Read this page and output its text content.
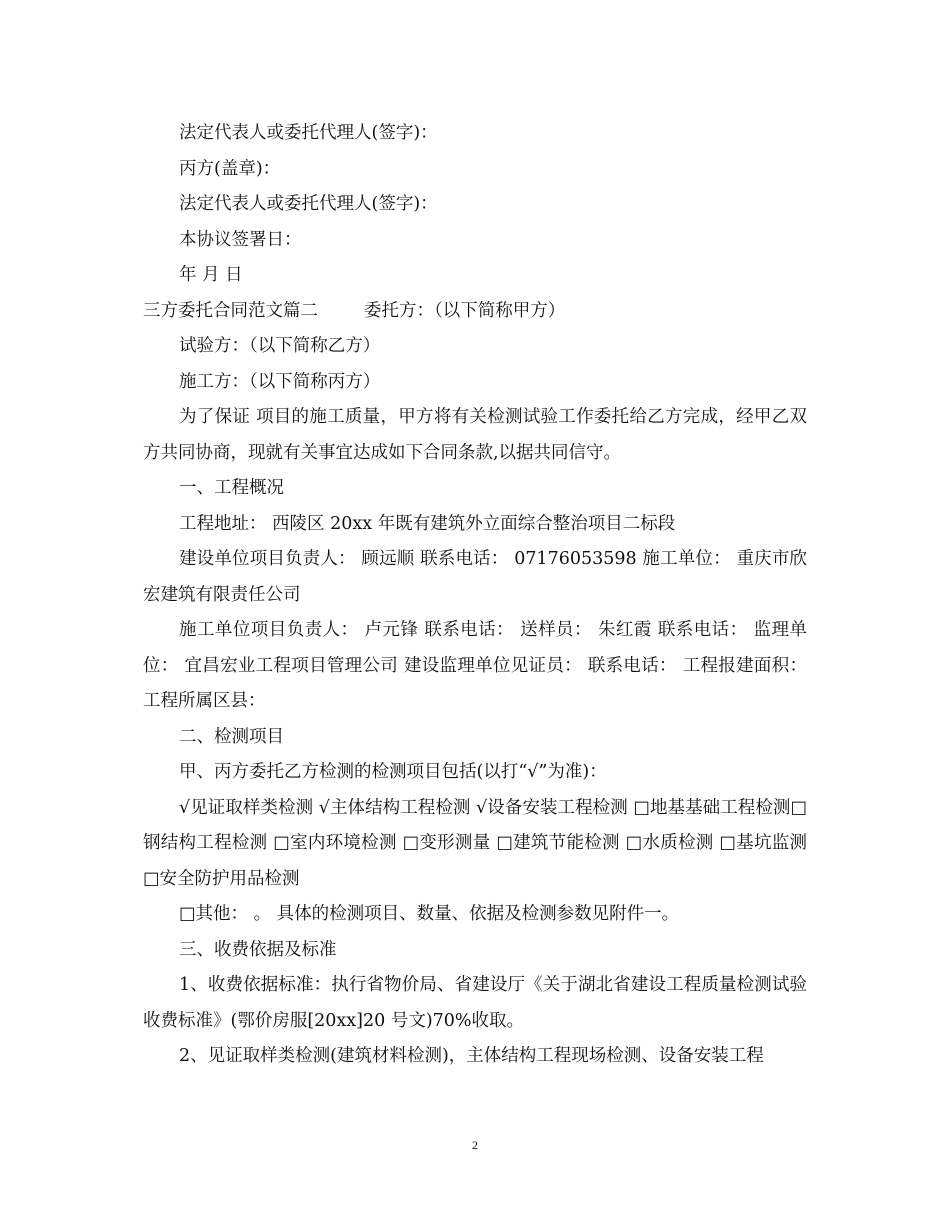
法定代表人或委托代理人(签字)：

丙方(盖章)：

法定代表人或委托代理人(签字)：

本协议签署日：

年 月 日

三方委托合同范文篇二	委托方：（以下简称甲方）

试验方：（以下简称乙方）

施工方：（以下简称丙方）

为了保证 项目的施工质量，甲方将有关检测试验工作委托给乙方完成，经甲乙双方共同协商，现就有关事宜达成如下合同条款,以据共同信守。

一、工程概况

工程地址： 西陵区 20xx 年既有建筑外立面综合整治项目二标段

建设单位项目负责人： 顾远顺 联系电话： 07176053598 施工单位： 重庆市欣宏建筑有限责任公司

施工单位项目负责人： 卢元锋 联系电话： 送样员： 朱红霞 联系电话： 监理单位： 宜昌宏业工程项目管理公司 建设监理单位见证员： 联系电话： 工程报建面积： 工程所属区县：

二、检测项目

甲、丙方委托乙方检测的检测项目包括(以打“√”为准)：

√见证取样类检测 √主体结构工程检测 √设备安装工程检测 □地基基础工程检测□钢结构工程检测 □室内环境检测 □变形测量 □建筑节能检测 □水质检测 □基坑监测 □安全防护用品检测

□其他： 。 具体的检测项目、数量、依据及检测参数见附件一。

三、收费依据及标准

1、收费依据标准：执行省物价局、省建设厅《关于湖北省建设工程质量检测试验收费标准》(鄂价房服[20xx]20 号文)70%收取。

2、见证取样类检测(建筑材料检测)，主体结构工程现场检测、设备安装工程

2
